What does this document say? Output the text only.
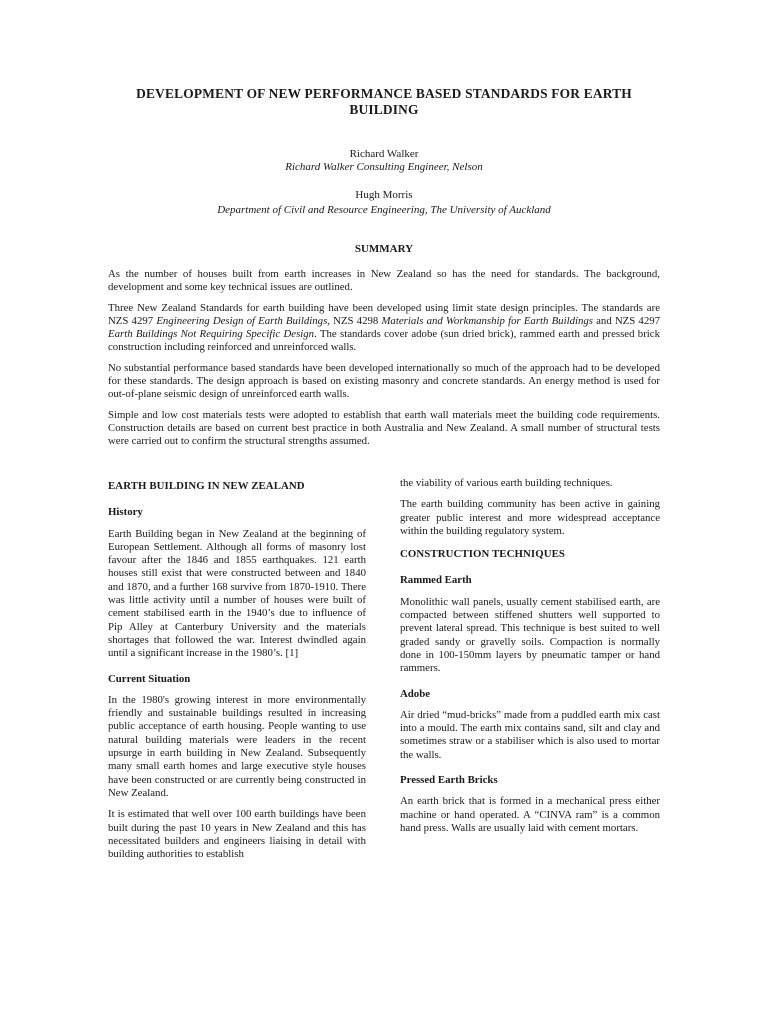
DEVELOPMENT OF NEW PERFORMANCE BASED STANDARDS FOR EARTH BUILDING
Richard Walker
Richard Walker Consulting Engineer, Nelson
Hugh Morris
Department of Civil and Resource Engineering, The University of Auckland
SUMMARY

As the number of houses built from earth increases in New Zealand so has the need for standards. The background, development and some key technical issues are outlined.

Three New Zealand Standards for earth building have been developed using limit state design principles. The standards are NZS 4297 Engineering Design of Earth Buildings, NZS 4298 Materials and Workmanship for Earth Buildings and NZS 4297 Earth Buildings Not Requiring Specific Design. The standards cover adobe (sun dried brick), rammed earth and pressed brick construction including reinforced and unreinforced walls.

No substantial performance based standards have been developed internationally so much of the approach had to be developed for these standards. The design approach is based on existing masonry and concrete standards. An energy method is used for out-of-plane seismic design of unreinforced earth walls.

Simple and low cost materials tests were adopted to establish that earth wall materials meet the building code requirements. Construction details are based on current best practice in both Australia and New Zealand. A small number of structural tests were carried out to confirm the structural strengths assumed.

EARTH BUILDING IN NEW ZEALAND
History

Earth Building began in New Zealand at the beginning of European Settlement. Although all forms of masonry lost favour after the 1846 and 1855 earthquakes. 121 earth houses still exist that were constructed between and 1840 and 1870, and a further 168 survive from 1870-1910. There was little activity until a number of houses were built of cement stabilised earth in the 1940’s due to influence of Pip Alley at Canterbury University and the materials shortages that followed the war. Interest dwindled again until a significant increase in the 1980’s. [1]

Current Situation

In the 1980's growing interest in more environmentally friendly and sustainable buildings resulted in increasing public acceptance of earth housing. People wanting to use natural building materials were leaders in the recent upsurge in earth building in New Zealand. Subsequently many small earth homes and large executive style houses have been constructed or are currently being constructed in New Zealand.

It is estimated that well over 100 earth buildings have been built during the past 10 years in New Zealand and this has necessitated builders and engineers liaising in detail with building authorities to establish

the viability of various earth building techniques.

The earth building community has been active in gaining greater public interest and more widespread acceptance within the building regulatory system.

CONSTRUCTION TECHNIQUES
Rammed Earth

Monolithic wall panels, usually cement stabilised earth, are compacted between stiffened shutters well supported to prevent lateral spread. This technique is best suited to well graded sandy or gravelly soils. Compaction is normally done in 100-150mm layers by pneumatic tamper or hand rammers.

Adobe

Air dried “mud-bricks” made from a puddled earth mix cast into a mould. The earth mix contains sand, silt and clay and sometimes straw or a stabiliser which is also used to mortar the walls.

Pressed Earth Bricks

An earth brick that is formed in a mechanical press either machine or hand operated. A “CINVA ram” is a common hand press. Walls are usually laid with cement mortars.
